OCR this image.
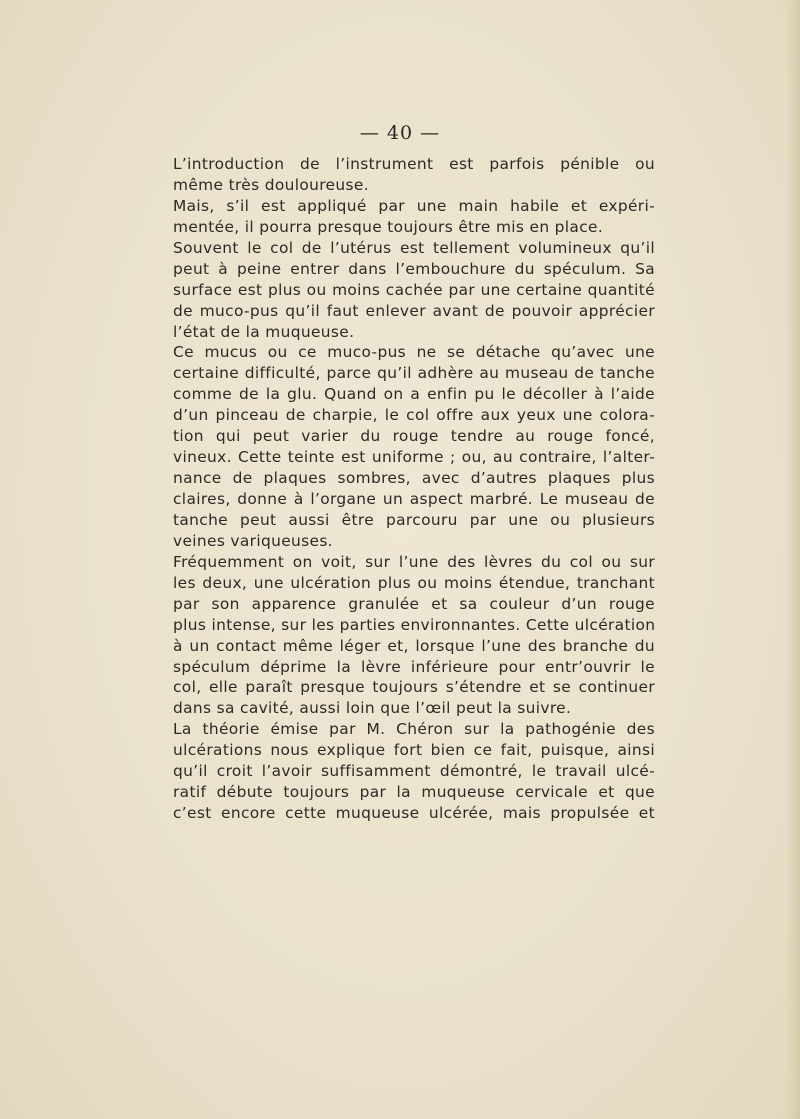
— 40 —
L’introduction de l’instrument est parfois pénible ou
même très douloureuse.
Mais, s’il est appliqué par une main habile et expéri-
mentée, il pourra presque toujours être mis en place.
Souvent le col de l’utérus est tellement volumineux qu’il
peut à peine entrer dans l’embouchure du spéculum. Sa
surface est plus ou moins cachée par une certaine quantité
de muco-pus qu’il faut enlever avant de pouvoir apprécier
l’état de la muqueuse.
Ce mucus ou ce muco-pus ne se détache qu’avec une
certaine difficulté, parce qu’il adhère au museau de tanche
comme de la glu. Quand on a enfin pu le décoller à l’aide
d’un pinceau de charpie, le col offre aux yeux une colora-
tion qui peut varier du rouge tendre au rouge foncé,
vineux. Cette teinte est uniforme ; ou, au contraire, l’alter-
nance de plaques sombres, avec d’autres plaques plus
claires, donne à l’organe un aspect marbré. Le museau de
tanche peut aussi être parcouru par une ou plusieurs
veines variqueuses.
Fréquemment on voit, sur l’une des lèvres du col ou sur
les deux, une ulcération plus ou moins étendue, tranchant
par son apparence granulée et sa couleur d’un rouge
plus intense, sur les parties environnantes. Cette ulcération
à un contact même léger et, lorsque l’une des branche du
spéculum déprime la lèvre inférieure pour entr’ouvrir le
col, elle paraît presque toujours s’étendre et se continuer
dans sa cavité, aussi loin que l’œil peut la suivre.
La théorie émise par M. Chéron sur la pathogénie des
ulcérations nous explique fort bien ce fait, puisque, ainsi
qu’il croit l’avoir suffisamment démontré, le travail ulcé-
ratif débute toujours par la muqueuse cervicale et que
c’est encore cette muqueuse ulcérée, mais propulsée et
